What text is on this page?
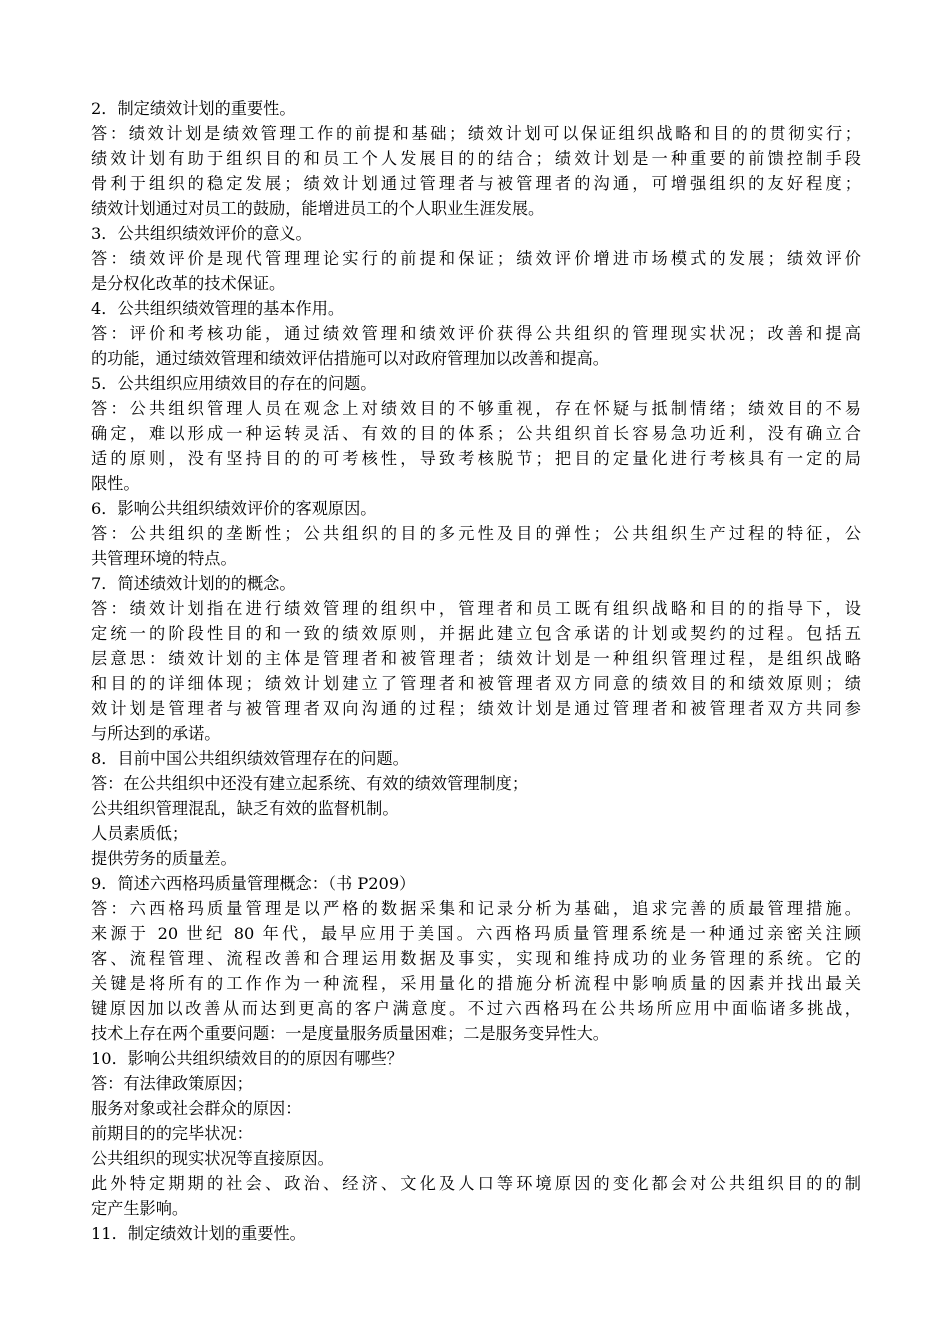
2．制定绩效计划的重要性。
答：绩效计划是绩效管理工作的前提和基础；绩效计划可以保证组织战略和目的的贯彻实行；
绩效计划有助于组织目的和员工个人发展目的的结合；绩效计划是一种重要的前馈控制手段
骨利于组织的稳定发展；绩效计划通过管理者与被管理者的沟通，可增强组织的友好程度；
绩效计划通过对员工的鼓励，能增进员工的个人职业生涯发展。
3．公共组织绩效评价的意义。
答：绩效评价是现代管理理论实行的前提和保证；绩效评价增进市场模式的发展；绩效评价
是分权化改革的技术保证。
4．公共组织绩效管理的基本作用。
答：评价和考核功能，通过绩效管理和绩效评价获得公共组织的管理现实状况；改善和提高
的功能，通过绩效管理和绩效评估措施可以对政府管理加以改善和提高。
5．公共组织应用绩效目的存在的问题。
答：公共组织管理人员在观念上对绩效目的不够重视，存在怀疑与抵制情绪；绩效目的不易
确定，难以形成一种运转灵活、有效的目的体系；公共组织首长容易急功近利，没有确立合
适的原则，没有坚持目的的可考核性，导致考核脱节；把目的定量化进行考核具有一定的局
限性。
6．影响公共组织绩效评价的客观原因。
答：公共组织的垄断性；公共组织的目的多元性及目的弹性；公共组织生产过程的特征，公
共管理环境的特点。
7．简述绩效计划的的概念。
答：绩效计划指在进行绩效管理的组织中，管理者和员工既有组织战略和目的的指导下，设
定统一的阶段性目的和一致的绩效原则，并据此建立包含承诺的计划或契约的过程。包括五
层意思：绩效计划的主体是管理者和被管理者；绩效计划是一种组织管理过程，是组织战略
和目的的详细体现；绩效计划建立了管理者和被管理者双方同意的绩效目的和绩效原则；绩
效计划是管理者与被管理者双向沟通的过程；绩效计划是通过管理者和被管理者双方共同参
与所达到的承诺。
8．目前中国公共组织绩效管理存在的问题。
答：在公共组织中还没有建立起系统、有效的绩效管理制度；
公共组织管理混乱，缺乏有效的监督机制。
人员素质低；
提供劳务的质量差。
9．简述六西格玛质量管理概念：（书 P209）
答：六西格玛质量管理是以严格的数据采集和记录分析为基础，追求完善的质最管理措施。
来源于 20 世纪 80 年代，最早应用于美国。六西格玛质量管理系统是一种通过亲密关注顾
客、流程管理、流程改善和合理运用数据及事实，实现和维持成功的业务管理的系统。它的
关键是将所有的工作作为一种流程，采用量化的措施分析流程中影响质量的因素并找出最关
键原因加以改善从而达到更高的客户满意度。不过六西格玛在公共场所应用中面临诸多挑战，
技术上存在两个重要问题：一是度量服务质量困难；二是服务变异性大。
10．影响公共组织绩效目的的原因有哪些？
答：有法律政策原因；
服务对象或社会群众的原因：
前期目的的完毕状况：
公共组织的现实状况等直接原因。
此外特定期期的社会、政治、经济、文化及人口等环境原因的变化都会对公共组织目的的制
定产生影响。
11．制定绩效计划的重要性。
